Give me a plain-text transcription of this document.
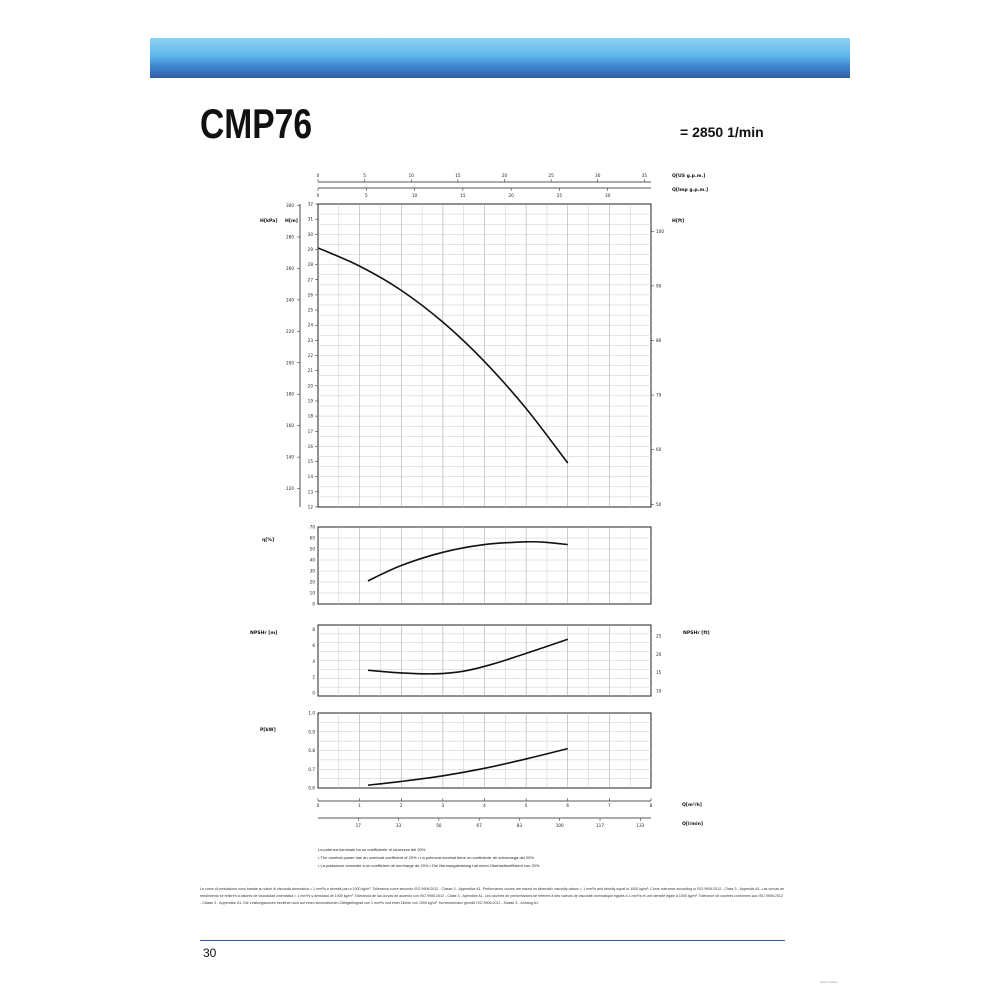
CMP76	= 2850 1/min
12
13
14
15
16
17
18
19
20
21
22
23
24
25
26
27
28
29
30
31
32
300
280
260
240
220
200
180
160
140
120
H[kPa] H[m]
50
60
70
80
90
100
H[ft]
0	5	10	15	20	25	30	35
0	5	10	15	20	25	30
Q[US g.p.m.]
Q[Imp g.p.m.]
70
60
50
40
30
20
10
0
η[%]
8
6
4
2
0
25
20
15
10
NPSHr [m]	NPSHr [ft]
1.0
0.9
0.8
0.7
0.6
P[kW]
0	1	2	3	4	5	6	7	8	Q[m³/h]
17	33	50	67	83	100	117	133	Q[l/min]
La potenza nominale ha un coefficiente di sicurezza del 20%
• The nominal power has an overload coefficient of 20% • La potencia nominal tiene un coeficiente de sobrecarga del 20%
• La puissance nominale a un coefficient de surcharge de 20% • Die Nennungsleistung hat einen Überlastkoeffizient von 20%
Le curve di prestazione sono basate su valori di viscosità cinematica = 1 mm²/s e densità pari a 1000 kg/m³. Tolleranza curve secondo ISO 9906:2012 - Classe 3 - Appendice A1. Performance curves are based on kinematic viscosity values = 1 mm²/s and density equal to 1000 kg/m³. Curve tolerance according to ISO 9906:2012 - Class 3 - Appendix A1. Las curvas de rendimiento se refieren a valores de viscosidad cinemática = 1 mm²/s y densidad de 1000 kg/m³. Tolerancia de las curvas de acuerdo con ISO 9906:2012 - Clase 3 - Apéndice A1. Les courbes de performances se réfèrent à des valeurs de viscosité cinématique égales à 1 mm²/s et une densité égale à 1000 kg/m³. Tolérance de courbes conformes aux ISO 9906:2012 - Classe 3 - Appendice A1. Die Leistungskurven beziehen sich auf einen kinematischen Zähigkeitsgrad von 1 mm²/s und einer Dichte von 1000 kg/m³. Kurventoleranz gemäß ISO 9906:2012 - Klasse 3 - Anhang A1.
30
Lorem ipsum
